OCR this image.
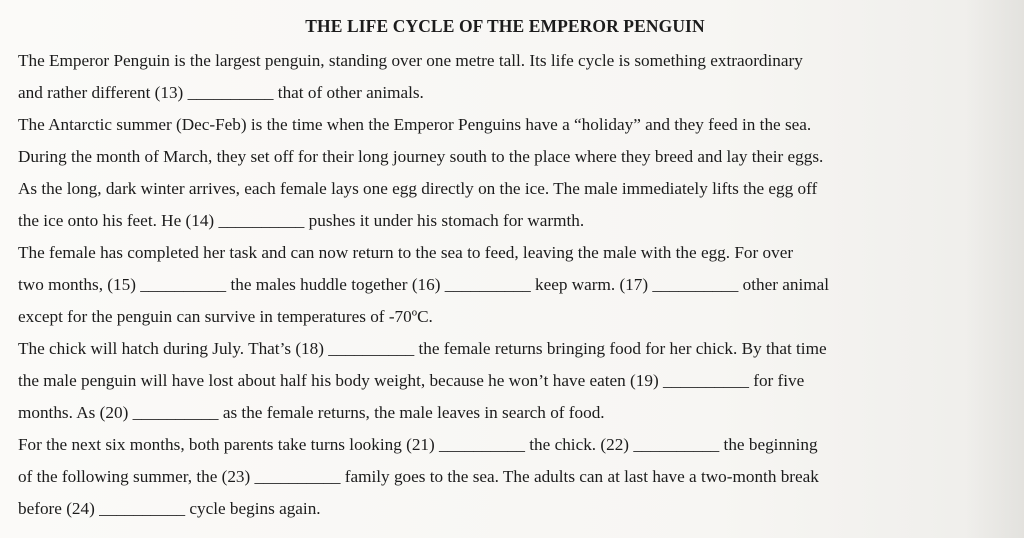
THE LIFE CYCLE OF THE EMPEROR PENGUIN
The Emperor Penguin is the largest penguin, standing over one metre tall. Its life cycle is something extraordinary
and rather different (13) __________ that of other animals.
The Antarctic summer (Dec-Feb) is the time when the Emperor Penguins have a “holiday” and they feed in the sea.
During the month of March, they set off for their long journey south to the place where they breed and lay their eggs.
As the long, dark winter arrives, each female lays one egg directly on the ice. The male immediately lifts the egg off
the ice onto his feet. He (14) __________ pushes it under his stomach for warmth.
The female has completed her task and can now return to the sea to feed, leaving the male with the egg. For over
two months, (15) __________ the males huddle together (16) __________ keep warm. (17) __________ other animal
except for the penguin can survive in temperatures of -70ºC.
The chick will hatch during July. That’s (18) __________ the female returns bringing food for her chick. By that time
the male penguin will have lost about half his body weight, because he won’t have eaten (19) __________ for five
months. As (20) __________ as the female returns, the male leaves in search of food.
For the next six months, both parents take turns looking (21) __________ the chick. (22) __________ the beginning
of the following summer, the (23) __________ family goes to the sea. The adults can at last have a two-month break
before (24) __________ cycle begins again.
